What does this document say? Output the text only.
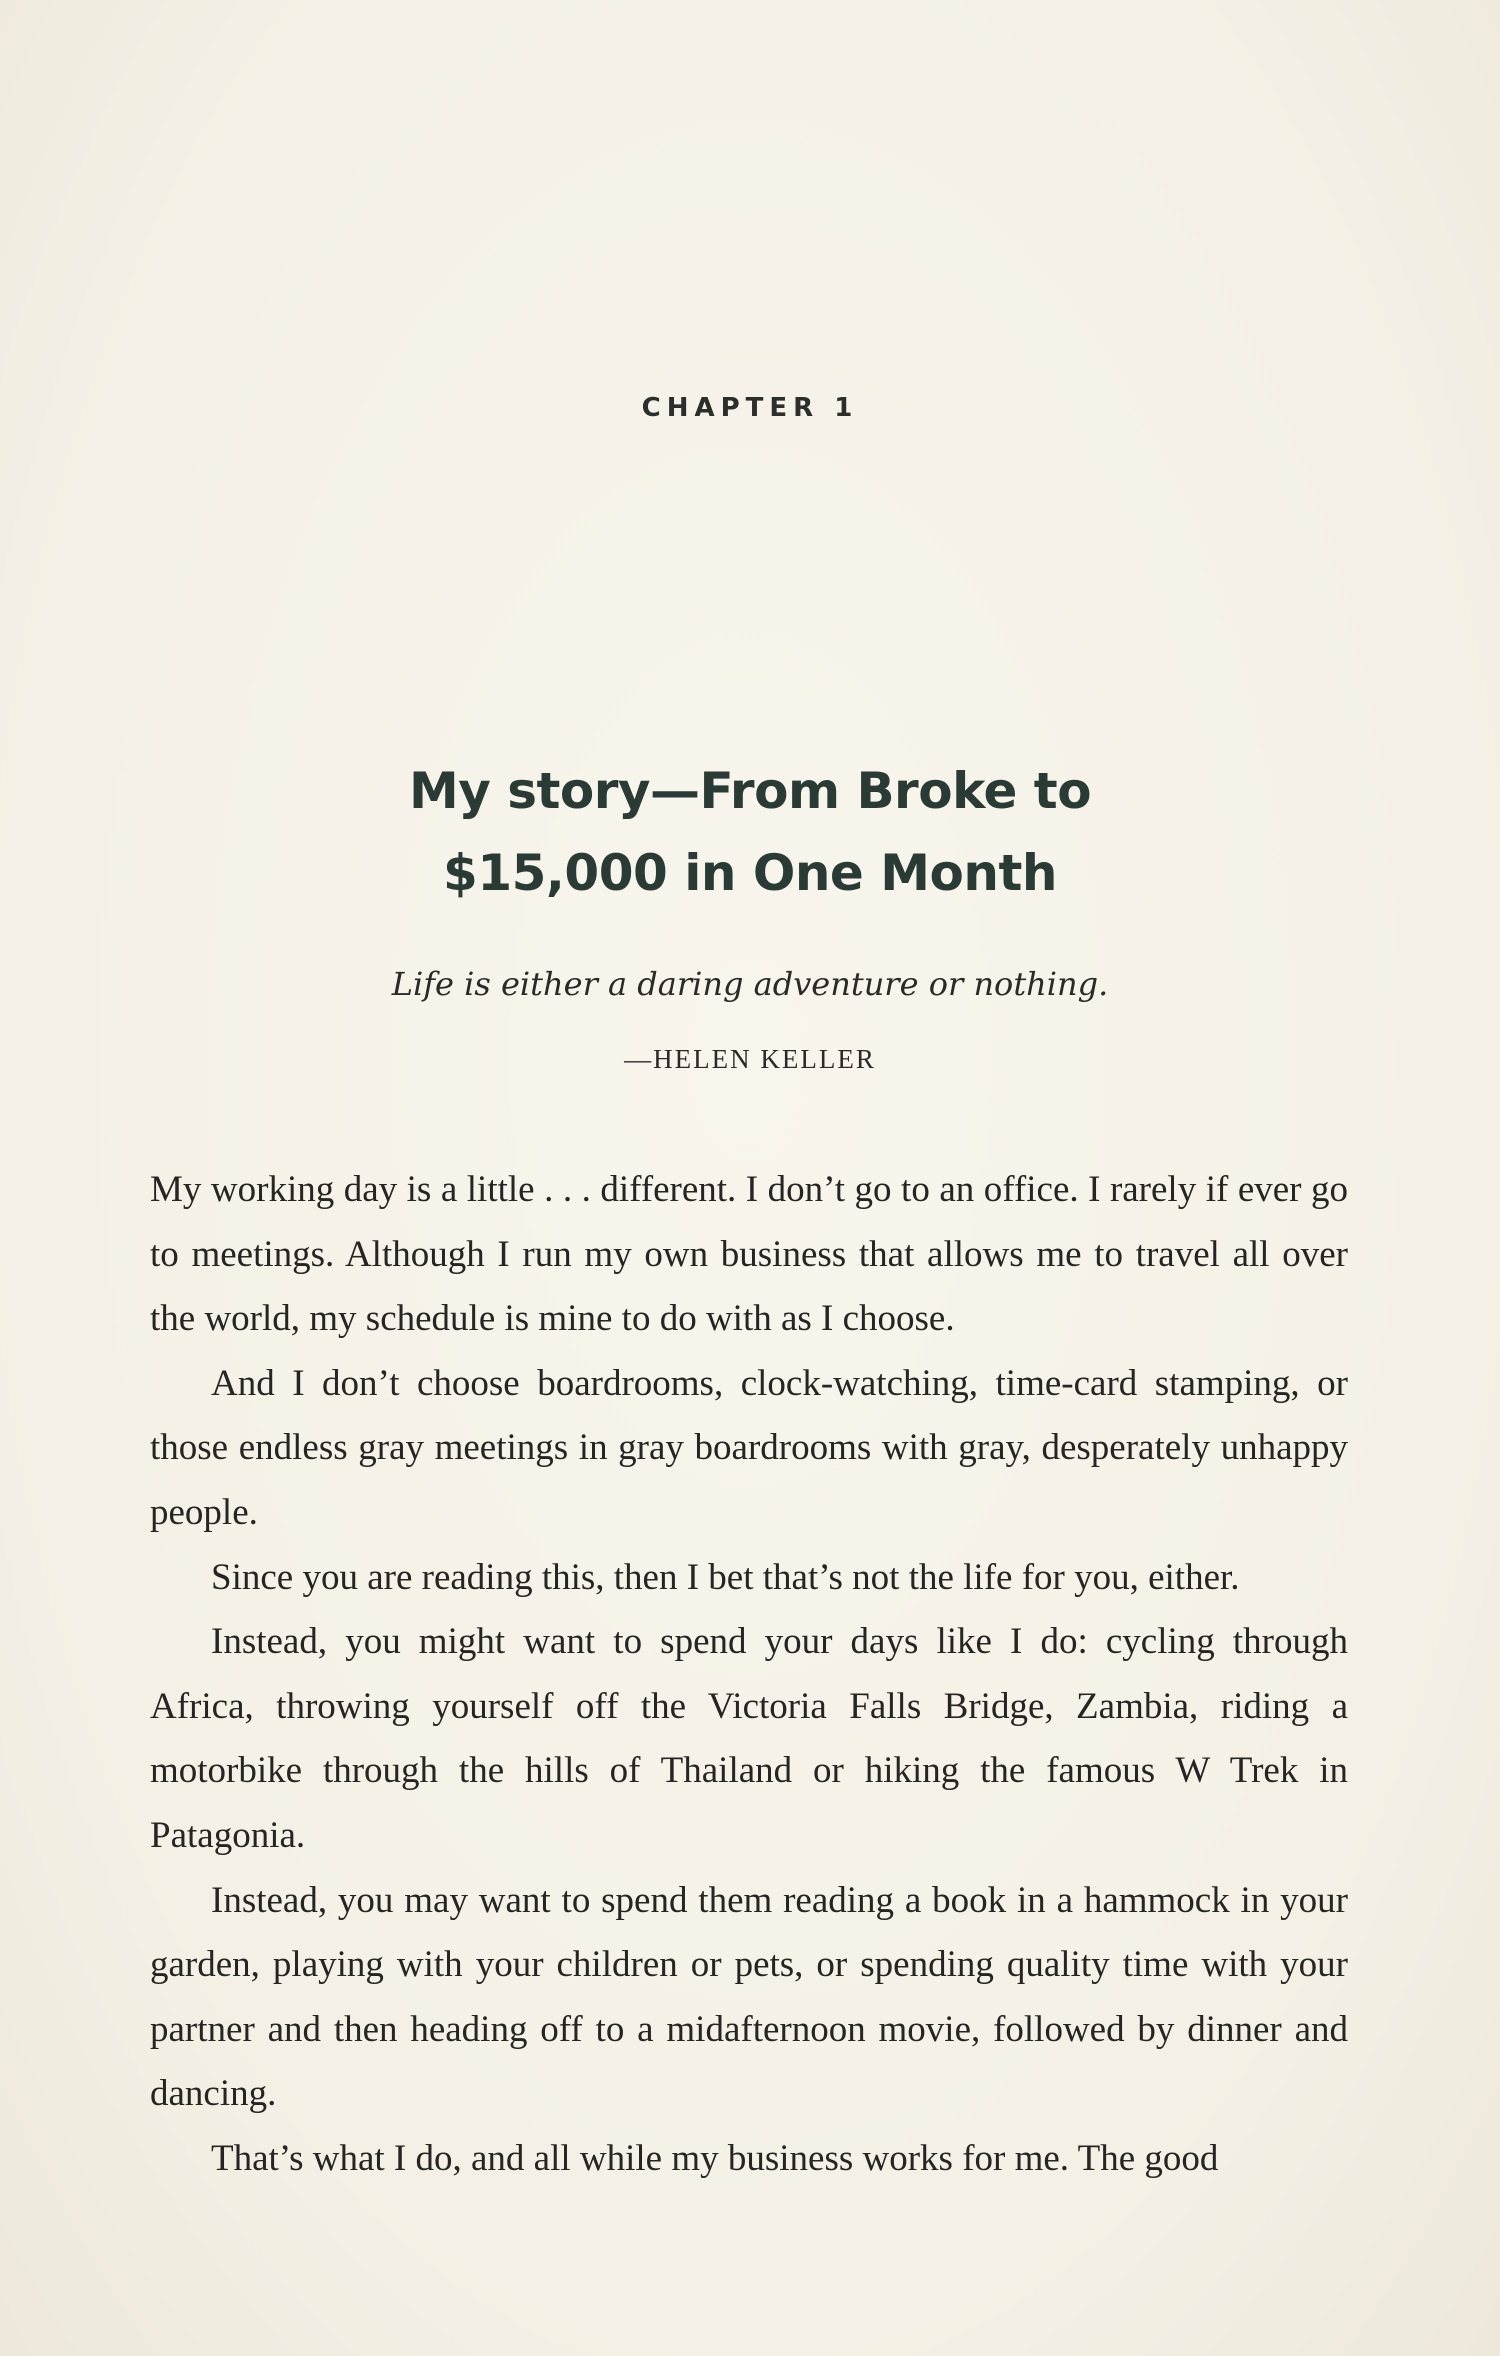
CHAPTER 1
My story—From Broke to
$15,000 in One Month
Life is either a daring adventure or nothing.
—HELEN KELLER

My working day is a little . . . different. I don’t go to an office. I rarely if ever go to meetings. Although I run my own business that allows me to travel all over the world, my schedule is mine to do with as I choose.

And I don’t choose boardrooms, clock-watching, time-card stamping, or those endless gray meetings in gray boardrooms with gray, desperately unhappy people.

Since you are reading this, then I bet that’s not the life for you, either.

Instead, you might want to spend your days like I do: cycling through Africa, throwing yourself off the Victoria Falls Bridge, Zambia, riding a motorbike through the hills of Thailand or hiking the famous W Trek in Patagonia.

Instead, you may want to spend them reading a book in a hammock in your garden, playing with your children or pets, or spending quality time with your partner and then heading off to a midafternoon movie, followed by dinner and dancing.

That’s what I do, and all while my business works for me. The good
